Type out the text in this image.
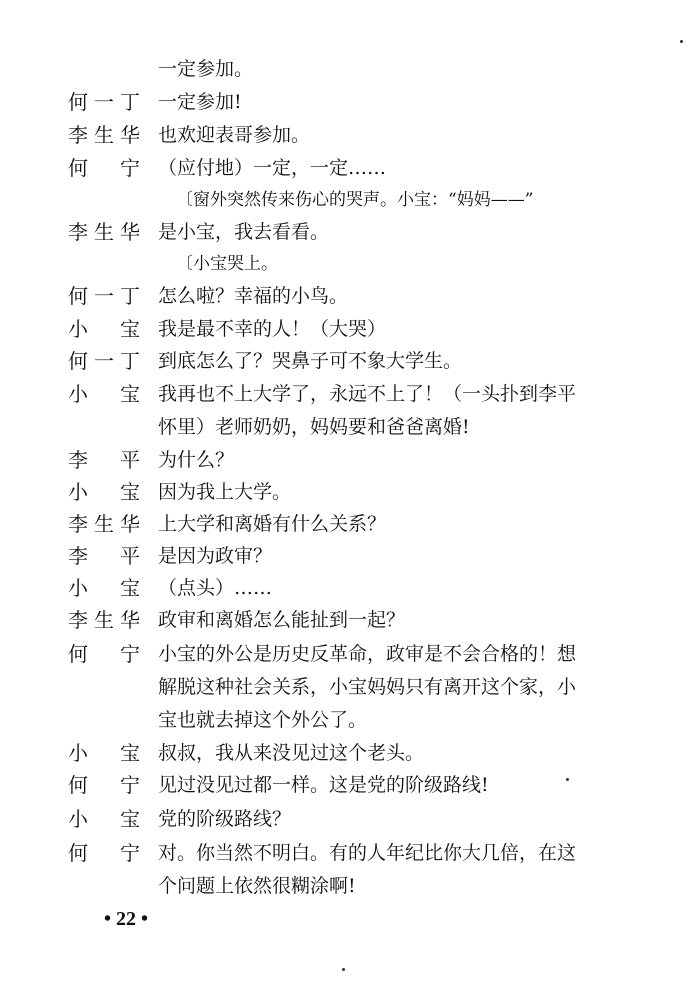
一定参加。
何一丁 一定参加!
李生华 也欢迎表哥参加。
何　宁 （应付地）一定，一定……
〔窗外突然传来伤心的哭声。小宝：“妈妈——”
李生华 是小宝，我去看看。
〔小宝哭上。
何一丁 怎么啦？幸福的小鸟。
小　宝 我是最不幸的人！（大哭）
何一丁 到底怎么了？哭鼻子可不象大学生。
小　宝 我再也不上大学了，永远不上了！（一头扑到李平
怀里）老师奶奶，妈妈要和爸爸离婚!
李　平 为什么？
小　宝 因为我上大学。
李生华 上大学和离婚有什么关系？
李　平 是因为政审？
小　宝 （点头）……
李生华 政审和离婚怎么能扯到一起？
何　宁 小宝的外公是历史反革命，政审是不会合格的！想
解脱这种社会关系，小宝妈妈只有离开这个家，小
宝也就去掉这个外公了。
小　宝 叔叔，我从来没见过这个老头。
何　宁 见过没见过都一样。这是党的阶级路线!
小　宝 党的阶级路线？
何　宁 对。你当然不明白。有的人年纪比你大几倍，在这
个问题上依然很糊涂啊!
• 22 •
